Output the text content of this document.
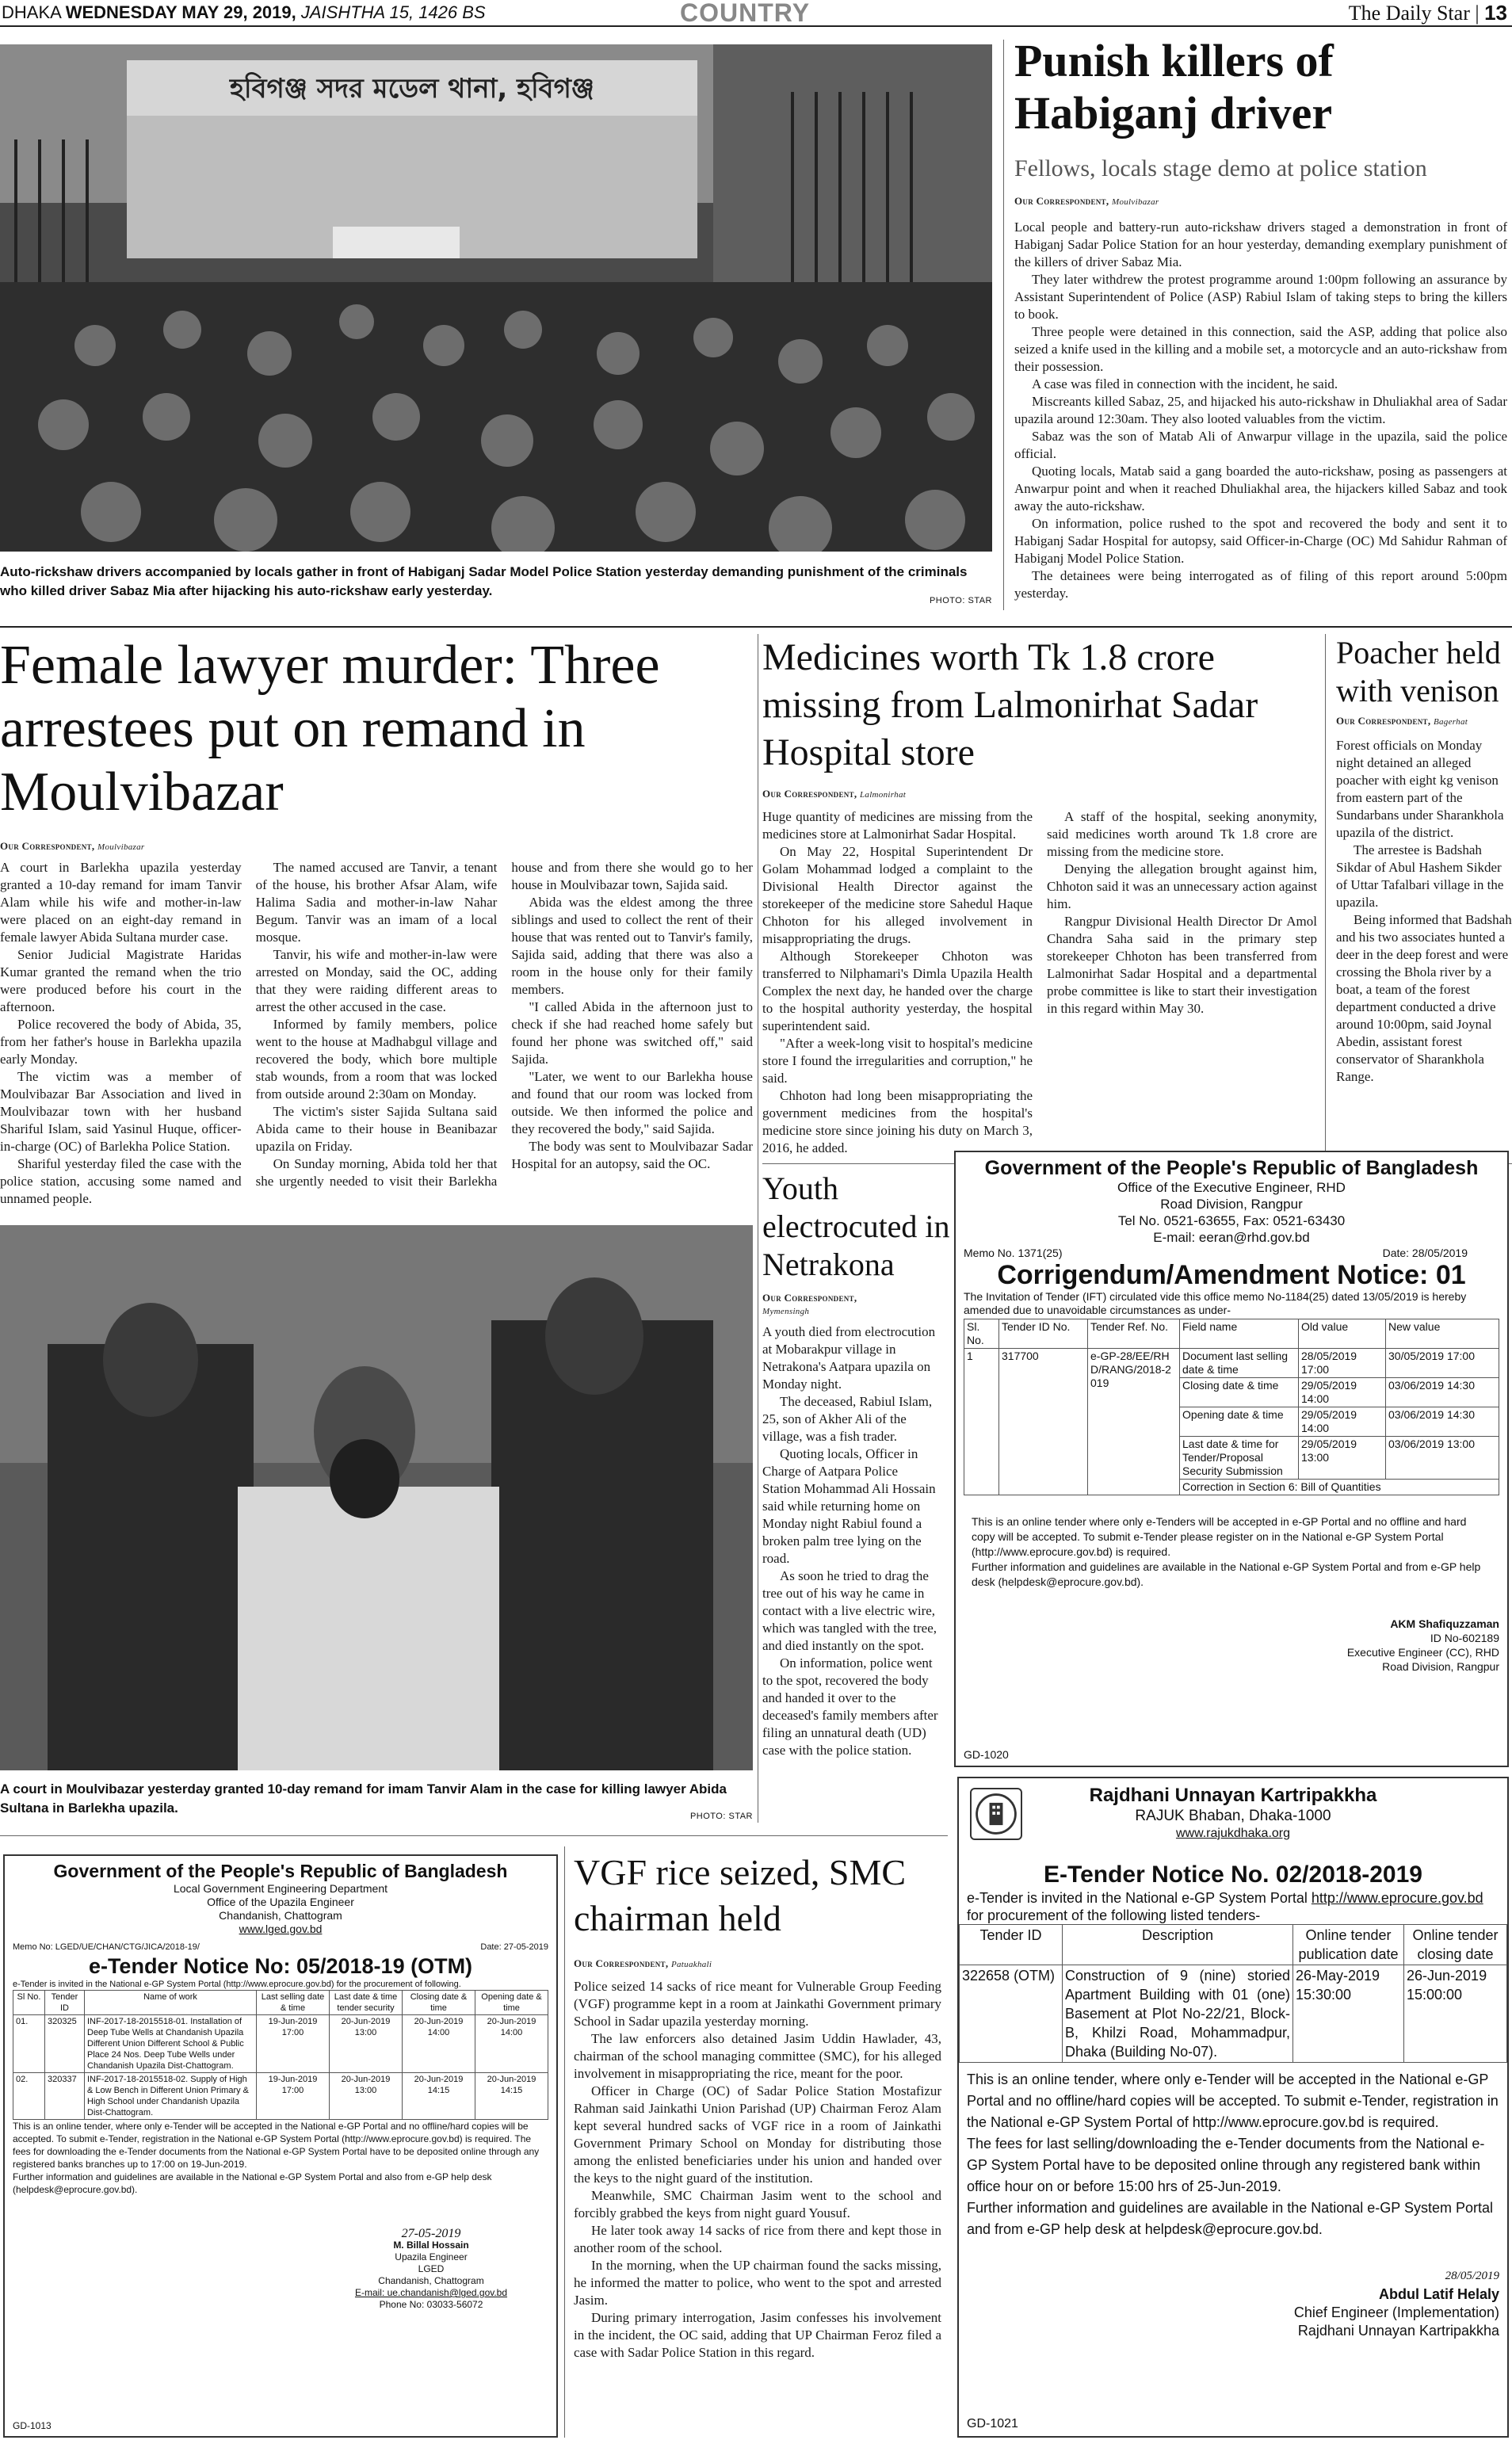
DHAKA WEDNESDAY MAY 29, 2019, JAISHTHA 15, 1426 BS	COUNTRY	The Daily Star | 13
হবিগঞ্জ সদর মডেল থানা, হবিগঞ্জ
Auto-rickshaw drivers accompanied by locals gather in front of Habiganj Sadar Model Police Station yesterday demanding punishment of the criminals who killed driver Sabaz Mia after hijacking his auto-rickshaw early yesterday.
PHOTO: STAR
Punish killers of Habiganj driver
Fellows, locals stage demo at police station
Our Correspondent, Moulvibazar

Local people and battery-run auto-rickshaw drivers staged a demonstration in front of Habiganj Sadar Police Station for an hour yesterday, demanding exemplary punishment of the killers of driver Sabaz Mia.

They later withdrew the protest programme around 1:00pm following an assurance by Assistant Superintendent of Police (ASP) Rabiul Islam of taking steps to bring the killers to book.

Three people were detained in this connection, said the ASP, adding that police also seized a knife used in the killing and a mobile set, a motorcycle and an auto-rickshaw from their possession.

A case was filed in connection with the incident, he said.

Miscreants killed Sabaz, 25, and hijacked his auto-rickshaw in Dhuliakhal area of Sadar upazila around 12:30am. They also looted valuables from the victim.

Sabaz was the son of Matab Ali of Anwarpur village in the upazila, said the police official.

Quoting locals, Matab said a gang boarded the auto-rickshaw, posing as passengers at Anwarpur point and when it reached Dhuliakhal area, the hijackers killed Sabaz and took away the auto-rickshaw.

On information, police rushed to the spot and recovered the body and sent it to Habiganj Sadar Hospital for autopsy, said Officer-in-Charge (OC) Md Sahidur Rahman of Habiganj Model Police Station.

The detainees were being interrogated as of filing of this report around 5:00pm yesterday.

Female lawyer murder: Three arrestees put on remand in Moulvibazar
Our Correspondent, Moulvibazar

A court in Barlekha upazila yesterday granted a 10-day remand for imam Tanvir Alam while his wife and mother-in-law were placed on an eight-day remand in female lawyer Abida Sultana murder case.

Senior Judicial Magistrate Haridas Kumar granted the remand when the trio were produced before his court in the afternoon.

Police recovered the body of Abida, 35, from her father's house in Barlekha upazila early Monday.

The victim was a member of Moulvibazar Bar Association and lived in Moulvibazar town with her husband Shariful Islam, said Yasinul Huque, officer-in-charge (OC) of Barlekha Police Station.

Shariful yesterday filed the case with the police station, accusing some named and unnamed people.

The named accused are Tanvir, a tenant of the house, his brother Afsar Alam, wife Halima Sadia and mother-in-law Nahar Begum. Tanvir was an imam of a local mosque.

Tanvir, his wife and mother-in-law were arrested on Monday, said the OC, adding that they were raiding different areas to arrest the other accused in the case.

Informed by family members, police went to the house at Madhabgul village and recovered the body, which bore multiple stab wounds, from a room that was locked from outside around 2:30am on Monday.

The victim's sister Sajida Sultana said Abida came to their house in Beanibazar upazila on Friday.

On Sunday morning, Abida told her that she urgently needed to visit their Barlekha house and from there she would go to her house in Moulvibazar town, Sajida said.

Abida was the eldest among the three siblings and used to collect the rent of their house that was rented out to Tanvir's family, Sajida said, adding that there was also a room in the house only for their family members.

"I called Abida in the afternoon just to check if she had reached home safely but found her phone was switched off," said Sajida.

"Later, we went to our Barlekha house and found that our room was locked from outside. We then informed the police and they recovered the body," said Sajida.

The body was sent to Moulvibazar Sadar Hospital for an autopsy, said the OC.

A court in Moulvibazar yesterday granted 10-day remand for imam Tanvir Alam in the case for killing lawyer Abida Sultana in Barlekha upazila.
PHOTO: STAR
Medicines worth Tk 1.8 crore missing from Lalmonirhat Sadar Hospital store
Our Correspondent, Lalmonirhat

Huge quantity of medicines are missing from the medicines store at Lalmonirhat Sadar Hospital.

On May 22, Hospital Superintendent Dr Golam Mohammad lodged a complaint to the Divisional Health Director against the storekeeper of the medicine store Sahedul Haque Chhoton for his alleged involvement in misappropriating the drugs.

Although Storekeeper Chhoton was transferred to Nilphamari's Dimla Upazila Health Complex the next day, he handed over the charge to the hospital authority yesterday, the hospital superintendent said.

"After a week-long visit to hospital's medicine store I found the irregularities and corruption," he said.

Chhoton had long been misappropriating the government medicines from the hospital's medicine store since joining his duty on March 3, 2016, he added.

A staff of the hospital, seeking anonymity, said medicines worth around Tk 1.8 crore are missing from the medicine store.

Denying the allegation brought against him, Chhoton said it was an unnecessary action against him.

Rangpur Divisional Health Director Dr Amol Chandra Saha said in the primary step storekeeper Chhoton has been transferred from Lalmonirhat Sadar Hospital and a departmental probe committee is like to start their investigation in this regard within May 30.

Poacher held with venison
Our Correspondent, Bagerhat

Forest officials on Monday night detained an alleged poacher with eight kg venison from eastern part of the Sundarbans under Sharankhola upazila of the district.

The arrestee is Badshah Sikdar of Abul Hashem Sikder of Uttar Tafalbari village in the upazila.

Being informed that Badshah and his two associates hunted a deer in the deep forest and were crossing the Bhola river by a boat, a team of the forest department conducted a drive around 10:00pm, said Joynal Abedin, assistant forest conservator of Sharankhola Range.

Youth electrocuted in Netrakona
Our Correspondent,
Mymensingh

A youth died from electrocution at Mobarakpur village in Netrakona's Aatpara upazila on Monday night.

The deceased, Rabiul Islam, 25, son of Akher Ali of the village, was a fish trader.

Quoting locals, Officer in Charge of Aatpara Police Station Mohammad Ali Hossain said while returning home on Monday night Rabiul found a broken palm tree lying on the road.

As soon he tried to drag the tree out of his way he came in contact with a live electric wire, which was tangled with the tree, and died instantly on the spot.

On information, police went to the spot, recovered the body and handed it over to the deceased's family members after filing an unnatural death (UD) case with the police station.

Government of the People's Republic of Bangladesh
Office of the Executive Engineer, RHD
Road Division, Rangpur
Tel No. 0521-63655, Fax: 0521-63430
E-mail: eeran@rhd.gov.bd
Memo No. 1371(25)	Date: 28/05/2019
Corrigendum/Amendment Notice: 01
The Invitation of Tender (IFT) circulated vide this office memo No-1184(25) dated 13/05/2019 is hereby amended due to unavoidable circumstances as under-
Sl. No.	Tender ID No.	Tender Ref. No.	Field name	Old value	New value
1	317700	e-GP-28/EE/RHD/RANG/2018-2019	Document last selling date & time	28/05/2019 17:00	30/05/2019 17:00
			Closing date & time	29/05/2019 14:00	03/06/2019 14:30
			Opening date & time	29/05/2019 14:00	03/06/2019 14:30
			Last date & time for Tender/Proposal Security Submission	29/05/2019 13:00	03/06/2019 13:00
			Correction in Section 6: Bill of Quantities		
This is an online tender where only e-Tenders will be accepted in e-GP Portal and no offline and hard copy will be accepted. To submit e-Tender please register on in the National e-GP System Portal (http://www.eprocure.gov.bd) is required.
Further information and guidelines are available in the National e-GP System Portal and from e-GP help desk (helpdesk@eprocure.gov.bd).
AKM Shafiquzzaman
ID No-602189
Executive Engineer (CC), RHD
Road Division, Rangpur
GD-1020
Government of the People's Republic of Bangladesh
Local Government Engineering Department
Office of the Upazila Engineer
Chandanish, Chattogram
www.lged.gov.bd
Memo No: LGED/UE/CHAN/CTG/JICA/2018-19/	Date: 27-05-2019
e-Tender Notice No: 05/2018-19 (OTM)
e-Tender is invited in the National e-GP System Portal (http://www.eprocure.gov.bd) for the procurement of following.
Sl No.	Tender ID	Name of work	Last selling date & time	Last date & time tender security	Closing date & time	Opening date & time
01.	320325	INF-2017-18-2015518-01. Installation of Deep Tube Wells at Chandanish Upazila Different Union Different School & Public Place 24 Nos. Deep Tube Wells under Chandanish Upazila Dist-Chattogram.	19-Jun-2019 17:00	20-Jun-2019 13:00	20-Jun-2019 14:00	20-Jun-2019 14:00
02.	320337	INF-2017-18-2015518-02. Supply of High & Low Bench in Different Union Primary & High School under Chandanish Upazila Dist-Chattogram.	19-Jun-2019 17:00	20-Jun-2019 13:00	20-Jun-2019 14:15	20-Jun-2019 14:15
This is an online tender, where only e-Tender will be accepted in the National e-GP Portal and no offline/hard copies will be accepted. To submit e-Tender, registration in the National e-GP System Portal (http://www.eprocure.gov.bd) is required. The fees for downloading the e-Tender documents from the National e-GP System Portal have to be deposited online through any registered banks branches up to 17:00 on 19-Jun-2019.
Further information and guidelines are available in the National e-GP System Portal and also from e-GP help desk (helpdesk@eprocure.gov.bd).
27-05-2019
M. Billal Hossain
Upazila Engineer
LGED
Chandanish, Chattogram
E-mail: ue.chandanish@lged.gov.bd
Phone No: 03033-56072
GD-1013
VGF rice seized, SMC chairman held
Our Correspondent, Patuakhali

Police seized 14 sacks of rice meant for Vulnerable Group Feeding (VGF) programme kept in a room at Jainkathi Government primary School in Sadar upazila yesterday morning.

The law enforcers also detained Jasim Uddin Hawlader, 43, chairman of the school managing committee (SMC), for his alleged involvement in misappropriating the rice, meant for the poor.

Officer in Charge (OC) of Sadar Police Station Mostafizur Rahman said Jainkathi Union Parishad (UP) Chairman Feroz Alam kept several hundred sacks of VGF rice in a room of Jainkathi Government Primary School on Monday for distributing those among the enlisted beneficiaries under his union and handed over the keys to the night guard of the institution.

Meanwhile, SMC Chairman Jasim went to the school and forcibly grabbed the keys from night guard Yousuf.

He later took away 14 sacks of rice from there and kept those in another room of the school.

In the morning, when the UP chairman found the sacks missing, he informed the matter to police, who went to the spot and arrested Jasim.

During primary interrogation, Jasim confesses his involvement in the incident, the OC said, adding that UP Chairman Feroz filed a case with Sadar Police Station in this regard.

Rajdhani Unnayan Kartripakkha
RAJUK Bhaban, Dhaka-1000
www.rajukdhaka.org
E-Tender Notice No. 02/2018-2019
e-Tender is invited in the National e-GP System Portal http://www.eprocure.gov.bd
for procurement of the following listed tenders-
Tender ID	Description	Online tender publication date	Online tender closing date
322658 (OTM)	Construction of 9 (nine) storied Apartment Building with 01 (one) Basement at Plot No-22/21, Block-B, Khilzi Road, Mohammadpur, Dhaka (Building No-07).	26-May-2019 15:30:00	26-Jun-2019 15:00:00
This is an online tender, where only e-Tender will be accepted in the National e-GP Portal and no offline/hard copies will be accepted. To submit e-Tender, registration in the National e-GP System Portal of http://www.eprocure.gov.bd is required.
The fees for last selling/downloading the e-Tender documents from the National e-GP System Portal have to be deposited online through any registered bank within office hour on or before 15:00 hrs of 25-Jun-2019.
Further information and guidelines are available in the National e-GP System Portal and from e-GP help desk at helpdesk@eprocure.gov.bd.
28/05/2019
Abdul Latif Helaly
Chief Engineer (Implementation)
Rajdhani Unnayan Kartripakkha
GD-1021
